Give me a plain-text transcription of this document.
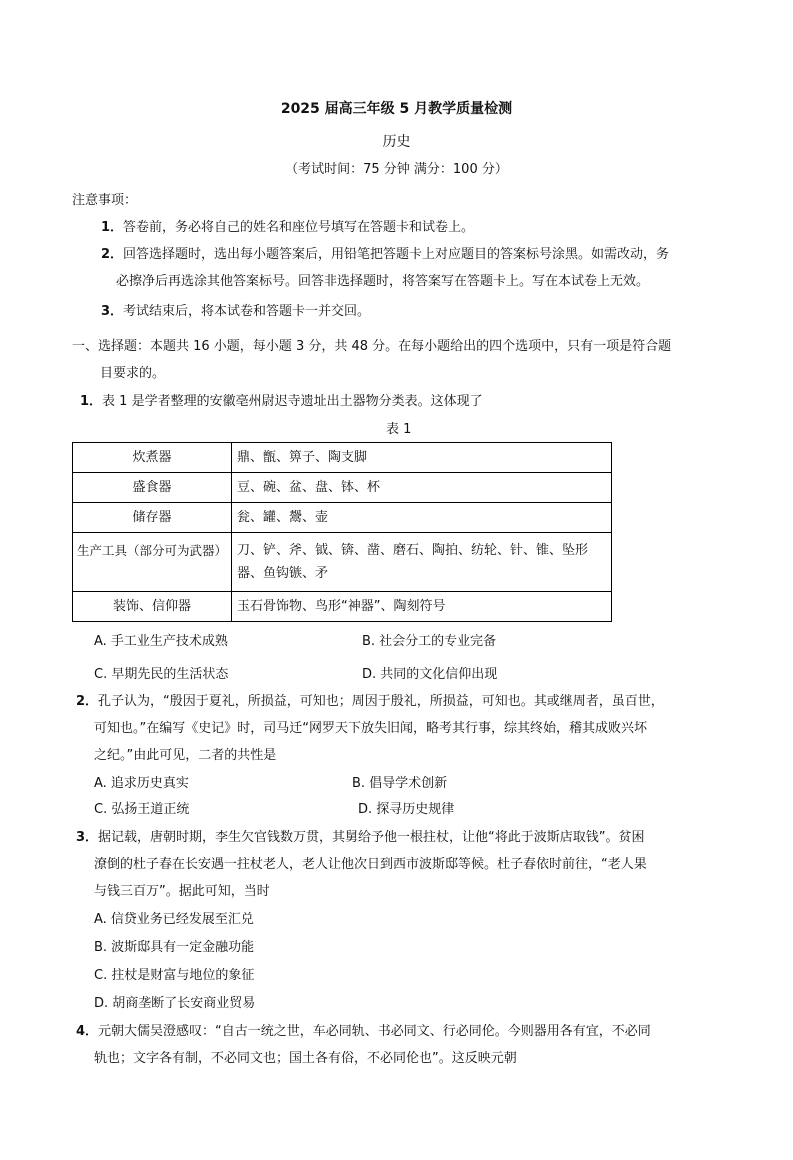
2025 届高三年级 5 月教学质量检测
历史
（考试时间：75 分钟 满分：100 分）
注意事项：
1．答卷前，务必将自己的姓名和座位号填写在答题卡和试卷上。
2．回答选择题时，选出每小题答案后，用铅笔把答题卡上对应题目的答案标号涂黑。如需改动，务
必擦净后再选涂其他答案标号。回答非选择题时，将答案写在答题卡上。写在本试卷上无效。
3．考试结束后，将本试卷和答题卡一并交回。
一、选择题：本题共 16 小题，每小题 3 分，共 48 分。在每小题给出的四个选项中，只有一项是符合题
目要求的。
1．表 1 是学者整理的安徽亳州尉迟寺遗址出土器物分类表。这体现了
表 1
炊煮器	鼎、甑、箅子、陶支脚
盛食器	豆、碗、盆、盘、钵、杯
储存器	瓮、罐、鬶、壶
生产工具（部分可为武器）	刀、铲、斧、钺、锛、凿、磨石、陶拍、纺轮、针、锥、坠形器、鱼钩镞、矛
装饰、信仰器	玉石骨饰物、鸟形“神器”、陶刻符号
A. 手工业生产技术成熟	B. 社会分工的专业完备
C. 早期先民的生活状态	D. 共同的文化信仰出现
2．孔子认为，“殷因于夏礼，所损益，可知也；周因于殷礼，所损益，可知也。其或继周者，虽百世，
可知也。”在编写《史记》时，司马迁“网罗天下放失旧闻，略考其行事，综其终始，稽其成败兴坏
之纪。”由此可见，二者的共性是
A. 追求历史真实	B. 倡导学术创新
C. 弘扬王道正统	D. 探寻历史规律
3．据记载，唐朝时期，李生欠官钱数万贯，其舅给予他一根拄杖，让他“将此于波斯店取钱”。贫困
潦倒的杜子春在长安遇一拄杖老人，老人让他次日到西市波斯邸等候。杜子春依时前往，“老人果
与钱三百万”。据此可知，当时
A. 信贷业务已经发展至汇兑
B. 波斯邸具有一定金融功能
C. 拄杖是财富与地位的象征
D. 胡商垄断了长安商业贸易
4．元朝大儒吴澄感叹：“自古一统之世，车必同轨、书必同文、行必同伦。今则器用各有宜，不必同
轨也；文字各有制，不必同文也；国土各有俗，不必同伦也”。这反映元朝
